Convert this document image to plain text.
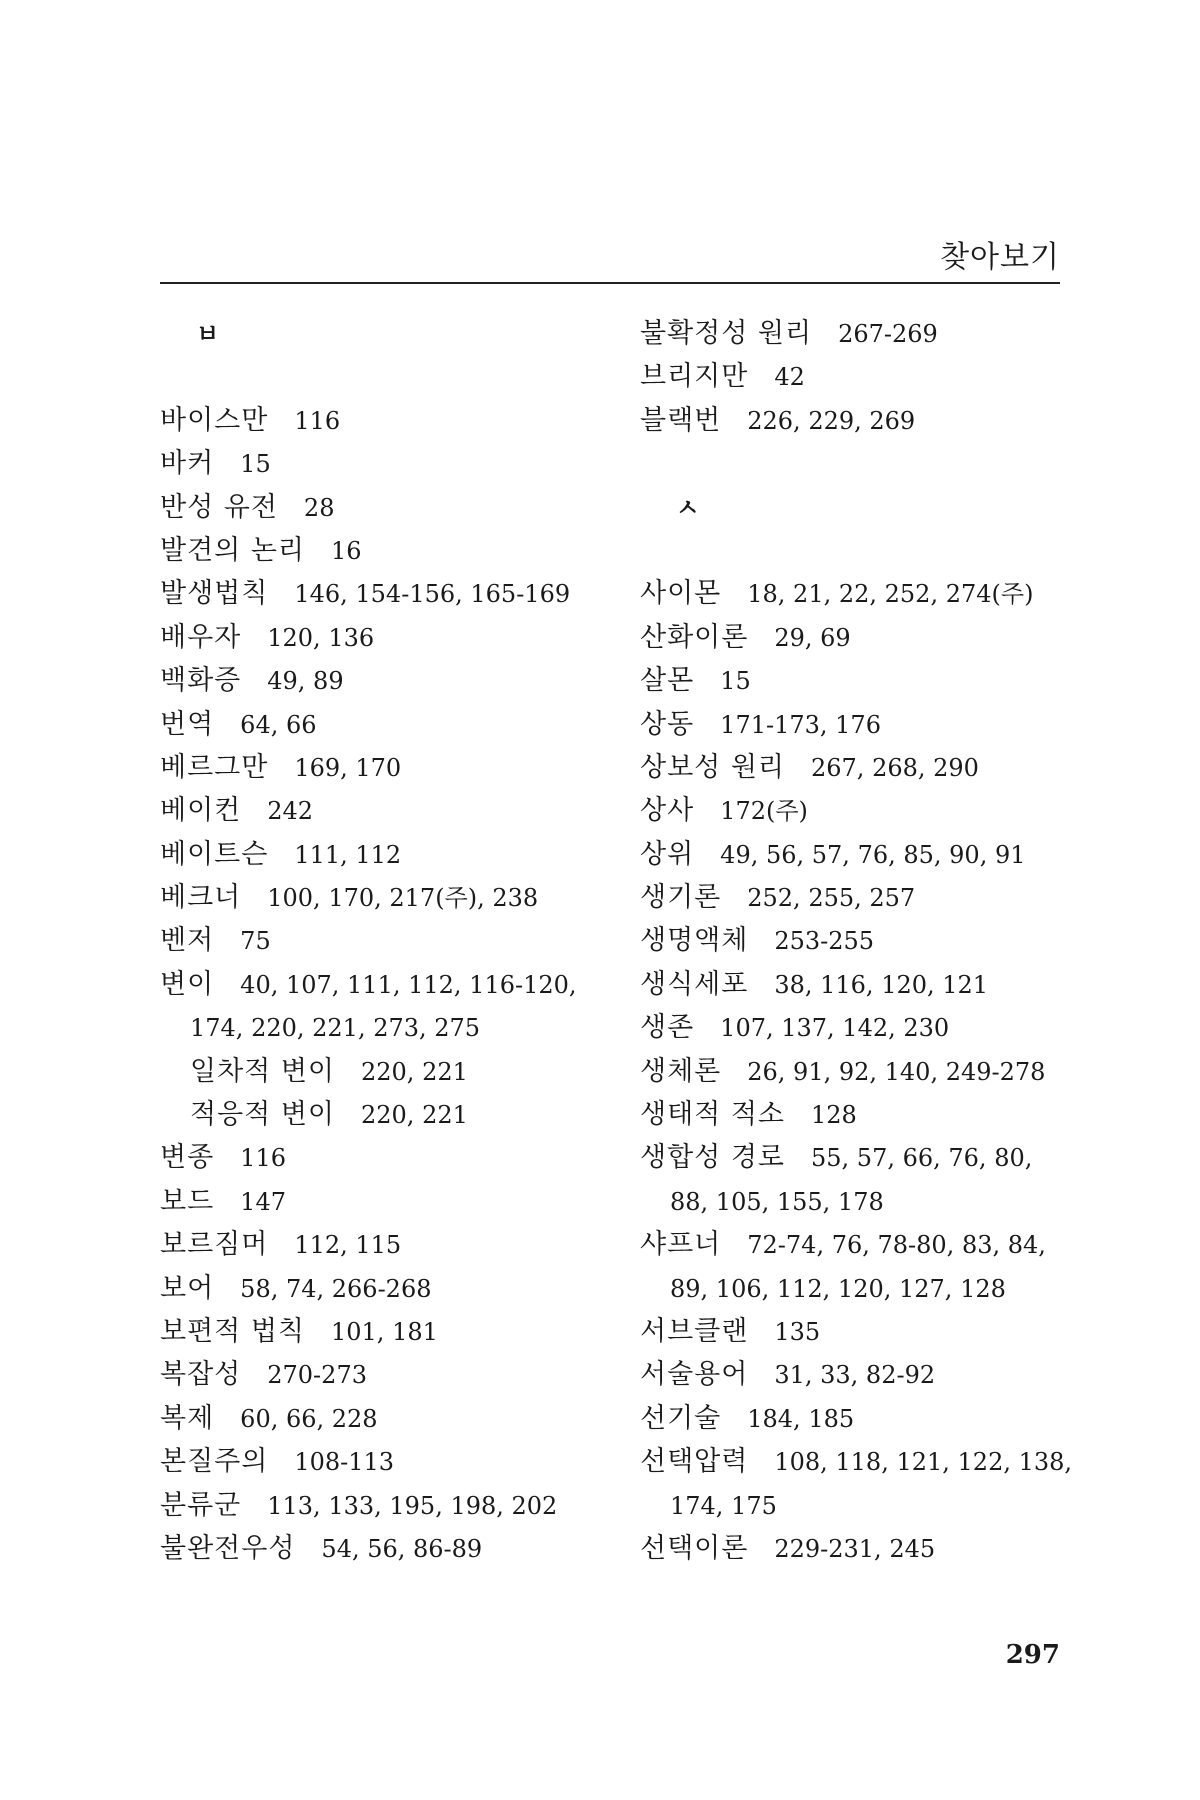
찾아보기
ㅂ
바이스만 116
바커 15
반성 유전 28
발견의 논리 16
발생법칙 146, 154-156, 165-169
배우자 120, 136
백화증 49, 89
번역 64, 66
베르그만 169, 170
베이컨 242
베이트슨 111, 112
베크너 100, 170, 217(주), 238
벤저 75
변이 40, 107, 111, 112, 116-120,
174, 220, 221, 273, 275
일차적 변이 220, 221
적응적 변이 220, 221
변종 116
보드 147
보르짐머 112, 115
보어 58, 74, 266-268
보편적 법칙 101, 181
복잡성 270-273
복제 60, 66, 228
본질주의 108-113
분류군 113, 133, 195, 198, 202
불완전우성 54, 56, 86-89
불확정성 원리 267-269
브리지만 42
블랙번 226, 229, 269
ㅅ
사이몬 18, 21, 22, 252, 274(주)
산화이론 29, 69
살몬 15
상동 171-173, 176
상보성 원리 267, 268, 290
상사 172(주)
상위 49, 56, 57, 76, 85, 90, 91
생기론 252, 255, 257
생명액체 253-255
생식세포 38, 116, 120, 121
생존 107, 137, 142, 230
생체론 26, 91, 92, 140, 249-278
생태적 적소 128
생합성 경로 55, 57, 66, 76, 80,
88, 105, 155, 178
샤프너 72-74, 76, 78-80, 83, 84,
89, 106, 112, 120, 127, 128
서브클랜 135
서술용어 31, 33, 82-92
선기술 184, 185
선택압력 108, 118, 121, 122, 138,
174, 175
선택이론 229-231, 245
297
